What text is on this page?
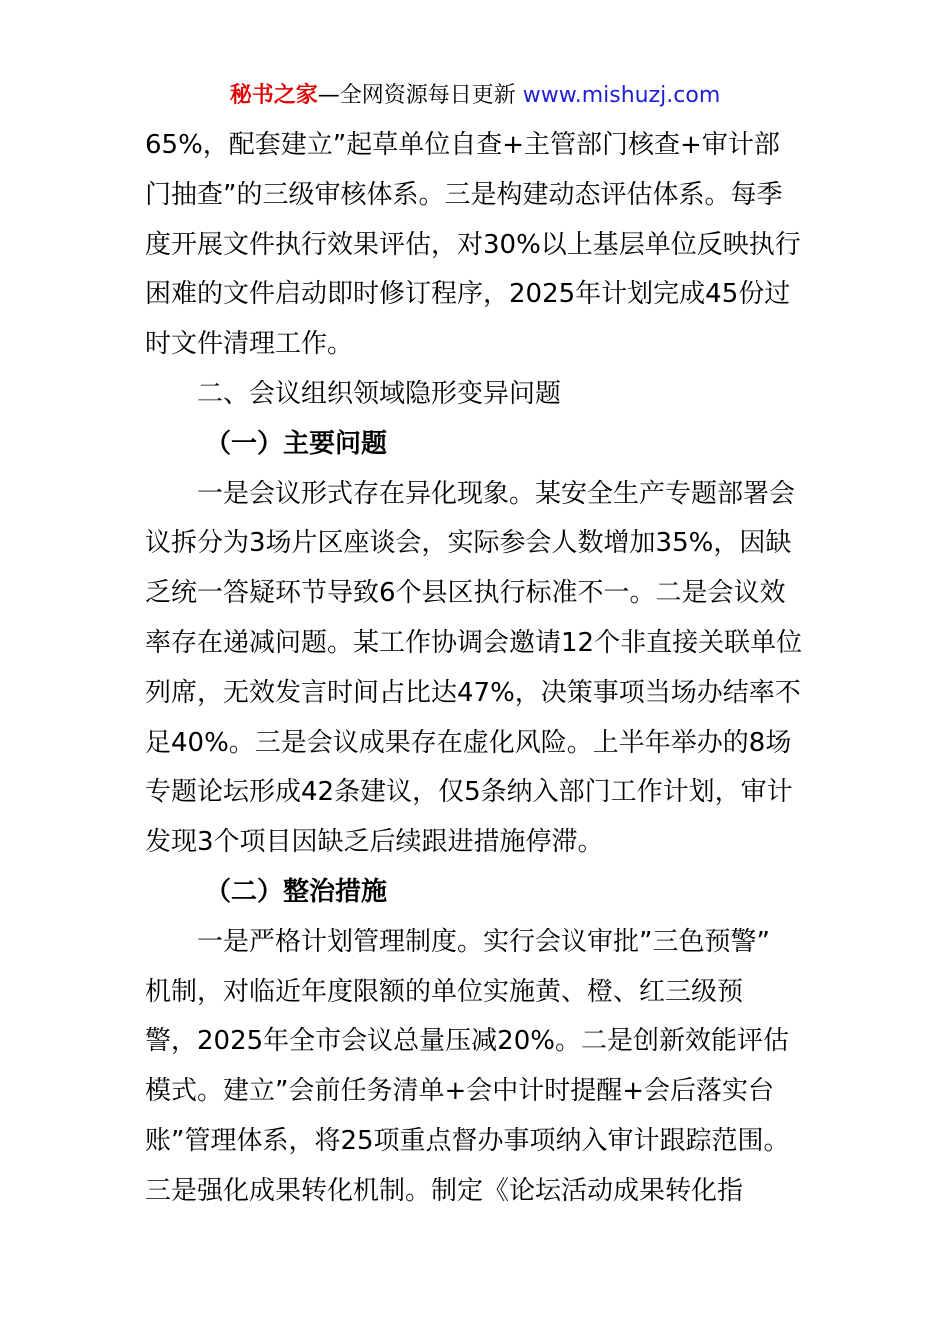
秘书之家—全网资源每日更新 www.mishuzj.com
65%，配套建立”起草单位自查+主管部门核查+审计部
门抽查”的三级审核体系。三是构建动态评估体系。每季
度开展文件执行效果评估，对30%以上基层单位反映执行
困难的文件启动即时修订程序，2025年计划完成45份过
时文件清理工作。
二、会议组织领域隐形变异问题
（一）主要问题
一是会议形式存在异化现象。某安全生产专题部署会
议拆分为3场片区座谈会，实际参会人数增加35%，因缺
乏统一答疑环节导致6个县区执行标准不一。二是会议效
率存在递减问题。某工作协调会邀请12个非直接关联单位
列席，无效发言时间占比达47%，决策事项当场办结率不
足40%。三是会议成果存在虚化风险。上半年举办的8场
专题论坛形成42条建议，仅5条纳入部门工作计划，审计
发现3个项目因缺乏后续跟进措施停滞。
（二）整治措施
一是严格计划管理制度。实行会议审批”三色预警”
机制，对临近年度限额的单位实施黄、橙、红三级预
警，2025年全市会议总量压减20%。二是创新效能评估
模式。建立”会前任务清单+会中计时提醒+会后落实台
账”管理体系，将25项重点督办事项纳入审计跟踪范围。
三是强化成果转化机制。制定《论坛活动成果转化指
